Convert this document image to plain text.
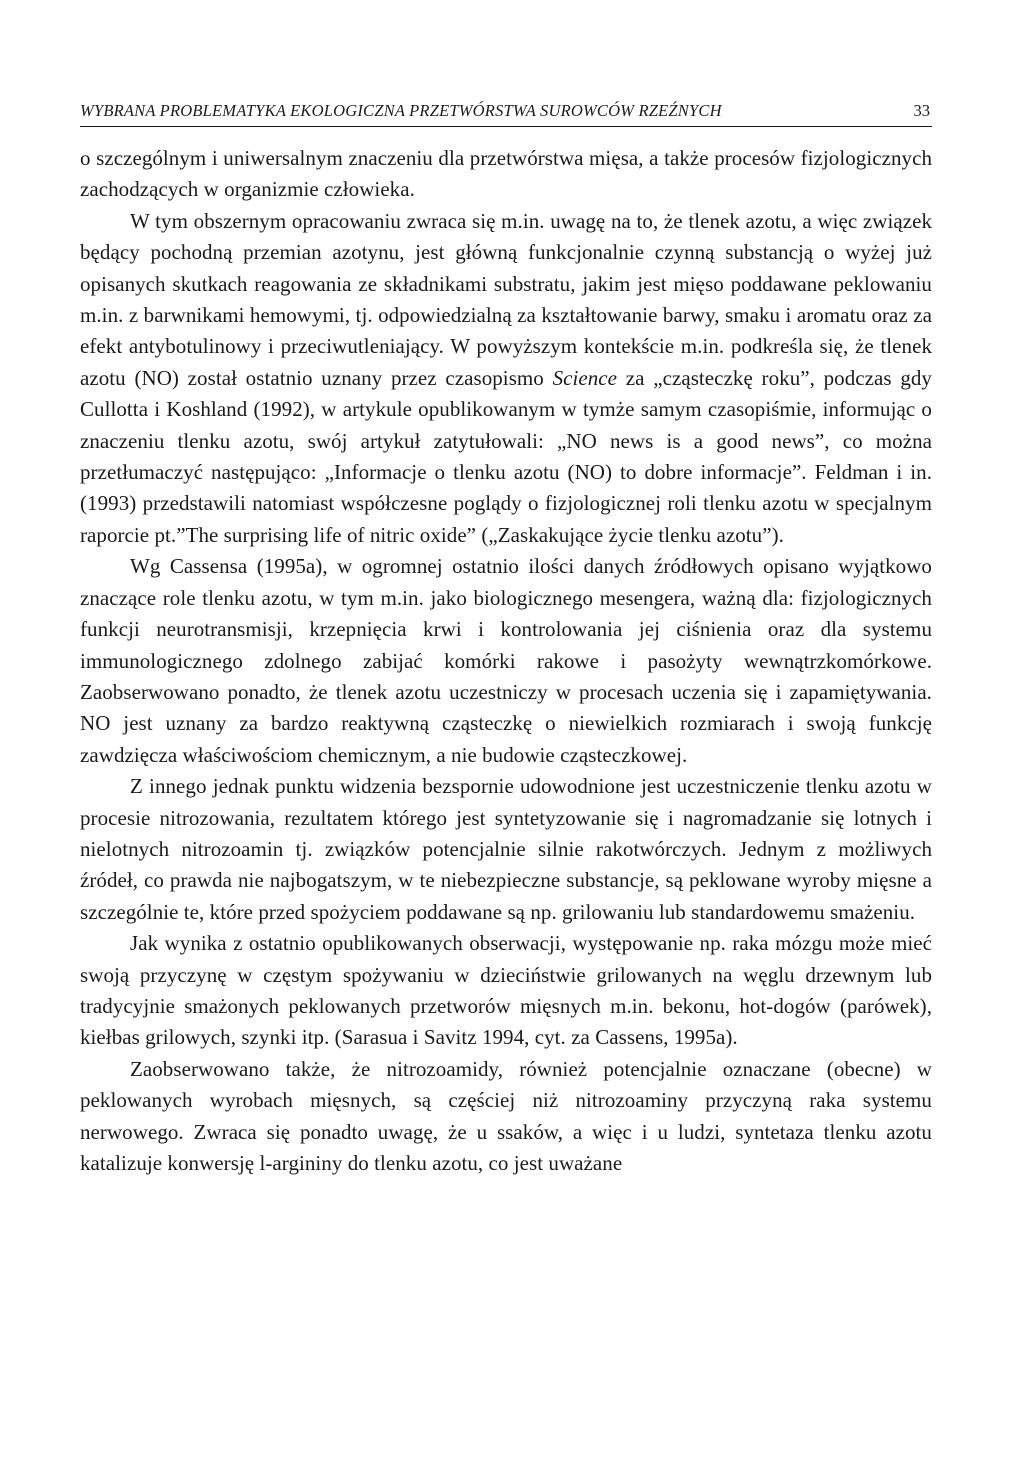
WYBRANA PROBLEMATYKA EKOLOGICZNA PRZETWÓRSTWA SUROWCÓW RZEŹNYCH	33

o szczególnym i uniwersalnym znaczeniu dla przetwórstwa mięsa, a także procesów fizjologicznych zachodzących w organizmie człowieka.

W tym obszernym opracowaniu zwraca się m.in. uwagę na to, że tlenek azotu, a więc związek będący pochodną przemian azotynu, jest główną funkcjonalnie czynną substancją o wyżej już opisanych skutkach reagowania ze składnikami substratu, jakim jest mięso poddawane peklowaniu m.in. z barwnikami hemowymi, tj. odpowiedzialną za kształtowanie barwy, smaku i aromatu oraz za efekt antybotulinowy i przeciwutleniający. W powyższym kontekście m.in. podkreśla się, że tlenek azotu (NO) został ostatnio uznany przez czasopismo Science za „cząsteczkę roku”, podczas gdy Cullotta i Koshland (1992), w artykule opublikowanym w tymże samym czasopiśmie, informując o znaczeniu tlenku azotu, swój artykuł zatytułowali: „NO news is a good news”, co można przetłumaczyć następująco: „Informacje o tlenku azotu (NO) to dobre informacje”. Feldman i in. (1993) przedstawili natomiast współczesne poglądy o fizjologicznej roli tlenku azotu w specjalnym raporcie pt.”The surprising life of nitric oxide” („Zaskakujące życie tlenku azotu”).

Wg Cassensa (1995a), w ogromnej ostatnio ilości danych źródłowych opisano wyjątkowo znaczące role tlenku azotu, w tym m.in. jako biologicznego mesengera, ważną dla: fizjologicznych funkcji neurotransmisji, krzepnięcia krwi i kontrolowania jej ciśnienia oraz dla systemu immunologicznego zdolnego zabijać komórki rakowe i pasożyty wewnątrzkomórkowe. Zaobserwowano ponadto, że tlenek azotu uczestniczy w procesach uczenia się i zapamiętywania. NO jest uznany za bardzo reaktywną cząsteczkę o niewielkich rozmiarach i swoją funkcję zawdzięcza właściwościom chemicznym, a nie budowie cząsteczkowej.

Z innego jednak punktu widzenia bezspornie udowodnione jest uczestniczenie tlenku azotu w procesie nitrozowania, rezultatem którego jest syntetyzowanie się i nagromadzanie się lotnych i nielotnych nitrozoamin tj. związków potencjalnie silnie rakotwórczych. Jednym z możliwych źródeł, co prawda nie najbogatszym, w te niebezpieczne substancje, są peklowane wyroby mięsne a szczególnie te, które przed spożyciem poddawane są np. grilowaniu lub standardowemu smażeniu.

Jak wynika z ostatnio opublikowanych obserwacji, występowanie np. raka mózgu może mieć swoją przyczynę w częstym spożywaniu w dzieciństwie grilowanych na węglu drzewnym lub tradycyjnie smażonych peklowanych przetworów mięsnych m.in. bekonu, hot-dogów (parówek), kiełbas grilowych, szynki itp. (Sarasua i Savitz 1994, cyt. za Cassens, 1995a).

Zaobserwowano także, że nitrozoamidy, również potencjalnie oznaczane (obecne) w peklowanych wyrobach mięsnych, są częściej niż nitrozoaminy przyczyną raka systemu nerwowego. Zwraca się ponadto uwagę, że u ssaków, a więc i u ludzi, syntetaza tlenku azotu katalizuje konwersję l-argininy do tlenku azotu, co jest uważane
